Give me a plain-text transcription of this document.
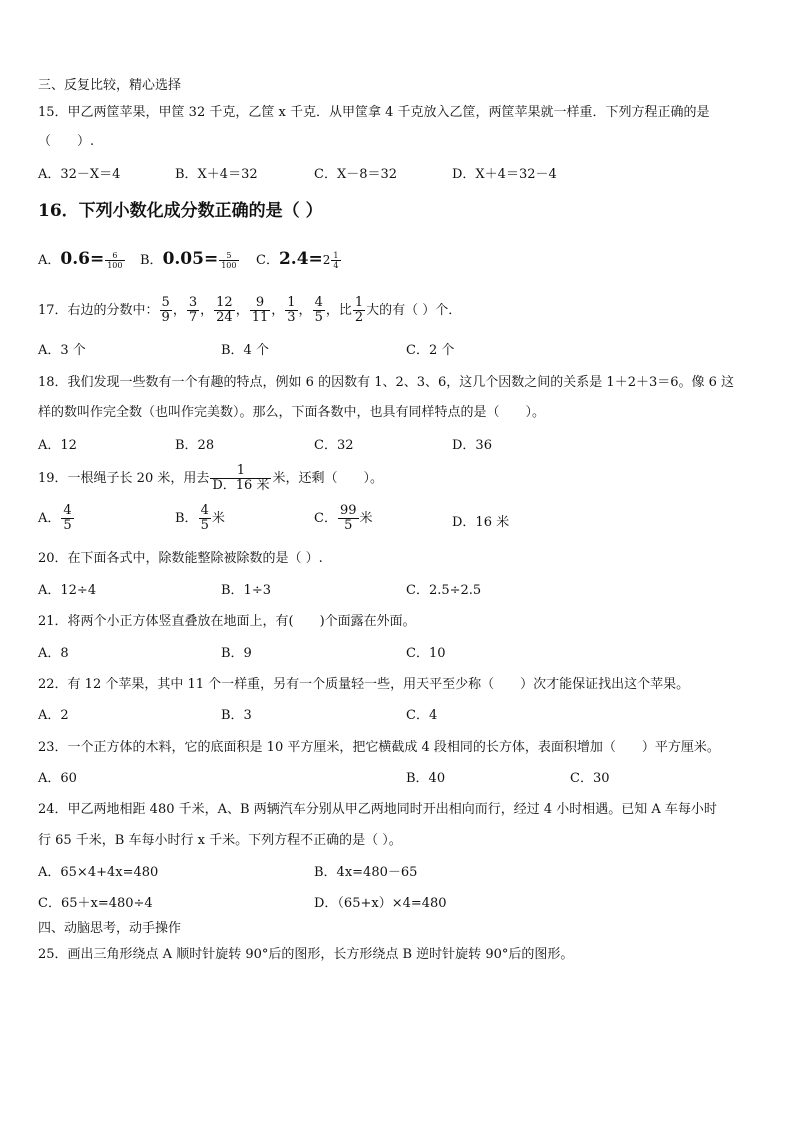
三、反复比较，精心选择
15．甲乙两筐苹果，甲筐 32 千克，乙筐 x 千克．从甲筐拿 4 千克放入乙筐，两筐苹果就一样重．下列方程正确的是
（　　）.
A．32－X＝4	B．X＋4＝32	C．X－8＝32	D．X＋4＝32－4
16．下列小数化成分数正确的是（ ）
A．$0.6= \frac{6}{100}$ B．$0.05= \frac{5}{100}$ C．$2.4=2 \frac{1}{4}$
17．右边的分数中： $\frac{5}{9}$ ， $\frac{3}{7}$ ， $\frac{12}{24}$ ， $\frac{9}{11}$ ， $\frac{1}{3}$ ， $\frac{4}{5}$ ，比 $\frac{1}{2}$ 大的有（ ）个．
A．3 个	B．4 个	C．2 个
18．我们发现一些数有一个有趣的特点，例如 6 的因数有 1、2、3、6，这几个因数之间的关系是 1＋2＋3＝6。像 6 这
样的数叫作完全数（也叫作完美数）。那么，下面各数中，也具有同样特点的是（　　）。
A．12	B．28	C．32	D．36
19．一根绳子长 20 米，用去 $\frac{1}{\text{D．16 米}}$ 米，还剩（　　）。
A． $\frac{4}{5}$	B． $\frac{4}{5}$ 米	C． $\frac{99}{5}$ 米	D．16 米
20．在下面各式中，除数能整除被除数的是（ ）.
A．12÷4	B．1÷3	C．2.5÷2.5
21．将两个小正方体竖直叠放在地面上，有(　　)个面露在外面。
A．8	B．9	C．10
22．有 12 个苹果，其中 11 个一样重，另有一个质量轻一些，用天平至少称（　　）次才能保证找出这个苹果。
A．2	B．3	C．4
23．一个正方体的木料，它的底面积是 10 平方厘米，把它横截成 4 段相同的长方体，表面积增加（　　）平方厘米。
A．60	B．40	C．30
24．甲乙两地相距 480 千米，A、B 两辆汽车分别从甲乙两地同时开出相向而行，经过 4 小时相遇。已知 A 车每小时
行 65 千米，B 车每小时行 x 千米。下列方程不正确的是（ ）。
A．65×4+4x=480	B．4x=480－65
C．65＋x=480÷4	D．（65+x）×4=480
四、动脑思考，动手操作
25．画出三角形绕点 A 顺时针旋转 90°后的图形，长方形绕点 B 逆时针旋转 90°后的图形。
